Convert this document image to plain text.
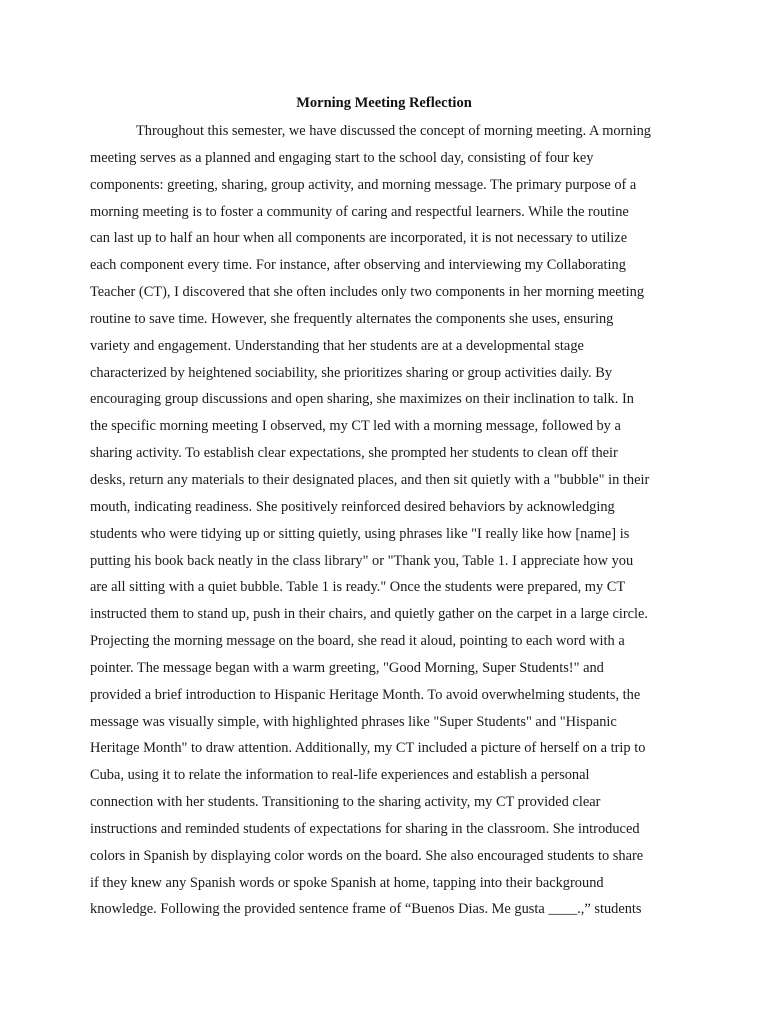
Morning Meeting Reflection
Throughout this semester, we have discussed the concept of morning meeting. A morning
meeting serves as a planned and engaging start to the school day, consisting of four key
components: greeting, sharing, group activity, and morning message. The primary purpose of a
morning meeting is to foster a community of caring and respectful learners. While the routine
can last up to half an hour when all components are incorporated, it is not necessary to utilize
each component every time. For instance, after observing and interviewing my Collaborating
Teacher (CT), I discovered that she often includes only two components in her morning meeting
routine to save time. However, she frequently alternates the components she uses, ensuring
variety and engagement. Understanding that her students are at a developmental stage
characterized by heightened sociability, she prioritizes sharing or group activities daily. By
encouraging group discussions and open sharing, she maximizes on their inclination to talk. In
the specific morning meeting I observed, my CT led with a morning message, followed by a
sharing activity. To establish clear expectations, she prompted her students to clean off their
desks, return any materials to their designated places, and then sit quietly with a "bubble" in their
mouth, indicating readiness. She positively reinforced desired behaviors by acknowledging
students who were tidying up or sitting quietly, using phrases like "I really like how [name] is
putting his book back neatly in the class library" or "Thank you, Table 1. I appreciate how you
are all sitting with a quiet bubble. Table 1 is ready." Once the students were prepared, my CT
instructed them to stand up, push in their chairs, and quietly gather on the carpet in a large circle.
Projecting the morning message on the board, she read it aloud, pointing to each word with a
pointer. The message began with a warm greeting, "Good Morning, Super Students!" and
provided a brief introduction to Hispanic Heritage Month. To avoid overwhelming students, the
message was visually simple, with highlighted phrases like "Super Students" and "Hispanic
Heritage Month" to draw attention. Additionally, my CT included a picture of herself on a trip to
Cuba, using it to relate the information to real-life experiences and establish a personal
connection with her students. Transitioning to the sharing activity, my CT provided clear
instructions and reminded students of expectations for sharing in the classroom. She introduced
colors in Spanish by displaying color words on the board. She also encouraged students to share
if they knew any Spanish words or spoke Spanish at home, tapping into their background
knowledge. Following the provided sentence frame of “Buenos Dias. Me gusta ____.,” students
